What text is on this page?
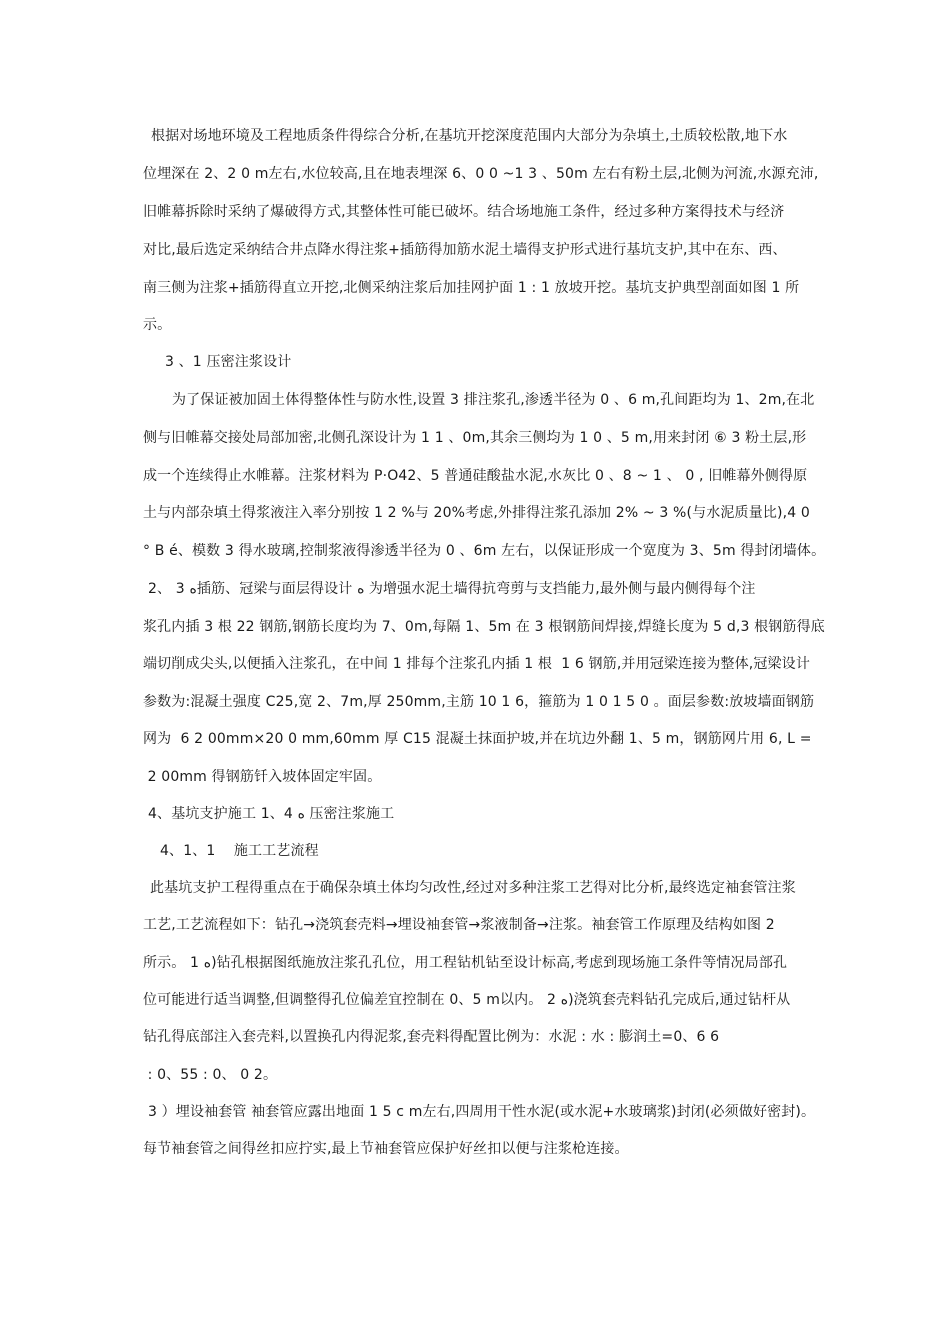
根据对场地环境及工程地质条件得综合分析,在基坑开挖深度范围内大部分为杂填土,土质较松散,地下水
位埋深在 2、2 0 m左右,水位较高,且在地表埋深 6、0 0 ~1 3 、50m 左右有粉土层,北侧为河流,水源充沛,
旧帷幕拆除时采纳了爆破得方式,其整体性可能已破坏。结合场地施工条件，经过多种方案得技术与经济
对比,最后选定采纳结合井点降水得注浆+插筋得加筋水泥土墙得支护形式进行基坑支护,其中在东、西、
南三侧为注浆+插筋得直立开挖,北侧采纳注浆后加挂网护面 1 : 1 放坡开挖。基坑支护典型剖面如图 1 所
示。
3 、1 压密注浆设计
为了保证被加固土体得整体性与防水性,设置 3 排注浆孔,渗透半径为 0 、6 m,孔间距均为 1、2m,在北
侧与旧帷幕交接处局部加密,北侧孔深设计为 1 1 、0m,其余三侧均为 1 0 、5 m,用来封闭 ⑥ 3 粉土层,形
成一个连续得止水帷幕。注浆材料为 P·O42、5 普通硅酸盐水泥,水灰比 0 、8 ~ 1 、 0 , 旧帷幕外侧得原
土与内部杂填土得浆液注入率分别按 1 2 %与 20%考虑,外排得注浆孔添加 2% ~ 3 %(与水泥质量比),4 0
° B é、模数 3 得水玻璃,控制浆液得渗透半径为 0 、6m 左右，以保证形成一个宽度为 3、5m 得封闭墙体。
2、 3 ﻩ插筋、冠梁与面层得设计 ﻩ 为增强水泥土墙得抗弯剪与支挡能力,最外侧与最内侧得每个注
浆孔内插 3 根 22 钢筋,钢筋长度均为 7、0m,每隔 1、5m 在 3 根钢筋间焊接,焊缝长度为 5 d,3 根钢筋得底
端切削成尖头,以便插入注浆孔，在中间 1 排每个注浆孔内插 1 根  1 6 钢筋,并用冠梁连接为整体,冠梁设计
参数为:混凝土强度 C25,宽 2、7m,厚 250mm,主筋 10 1 6，箍筋为 1 0 1 5 0 。面层参数:放坡墙面钢筋
网为  6 2 00mm×20 0 mm,60mm 厚 C15 混凝土抹面护坡,并在坑边外翻 1、5 m，钢筋网片用 6, L =
2 00mm 得钢筋钎入坡体固定牢固。
4、基坑支护施工 1、4 ﻩ 压密注浆施工
4、1、1    施工工艺流程
此基坑支护工程得重点在于确保杂填土体均匀改性,经过对多种注浆工艺得对比分析,最终选定袖套管注浆
工艺,工艺流程如下：钻孔→浇筑套壳料→埋设袖套管→浆液制备→注浆。袖套管工作原理及结构如图 2
所示。 1 ﻩ)钻孔根据图纸施放注浆孔孔位，用工程钻机钻至设计标高,考虑到现场施工条件等情况局部孔
位可能进行适当调整,但调整得孔位偏差宜控制在 0、5 m以内。 2 ﻩ)浇筑套壳料钻孔完成后,通过钻杆从
钻孔得底部注入套壳料,以置换孔内得泥浆,套壳料得配置比例为：水泥 : 水 : 膨润土=0、6 6
: 0、55 : 0、 0 2。
3 ）埋设袖套管 袖套管应露出地面 1 5 c m左右,四周用干性水泥(或水泥+水玻璃浆)封闭(必须做好密封)。
每节袖套管之间得丝扣应拧实,最上节袖套管应保护好丝扣以便与注浆枪连接。
